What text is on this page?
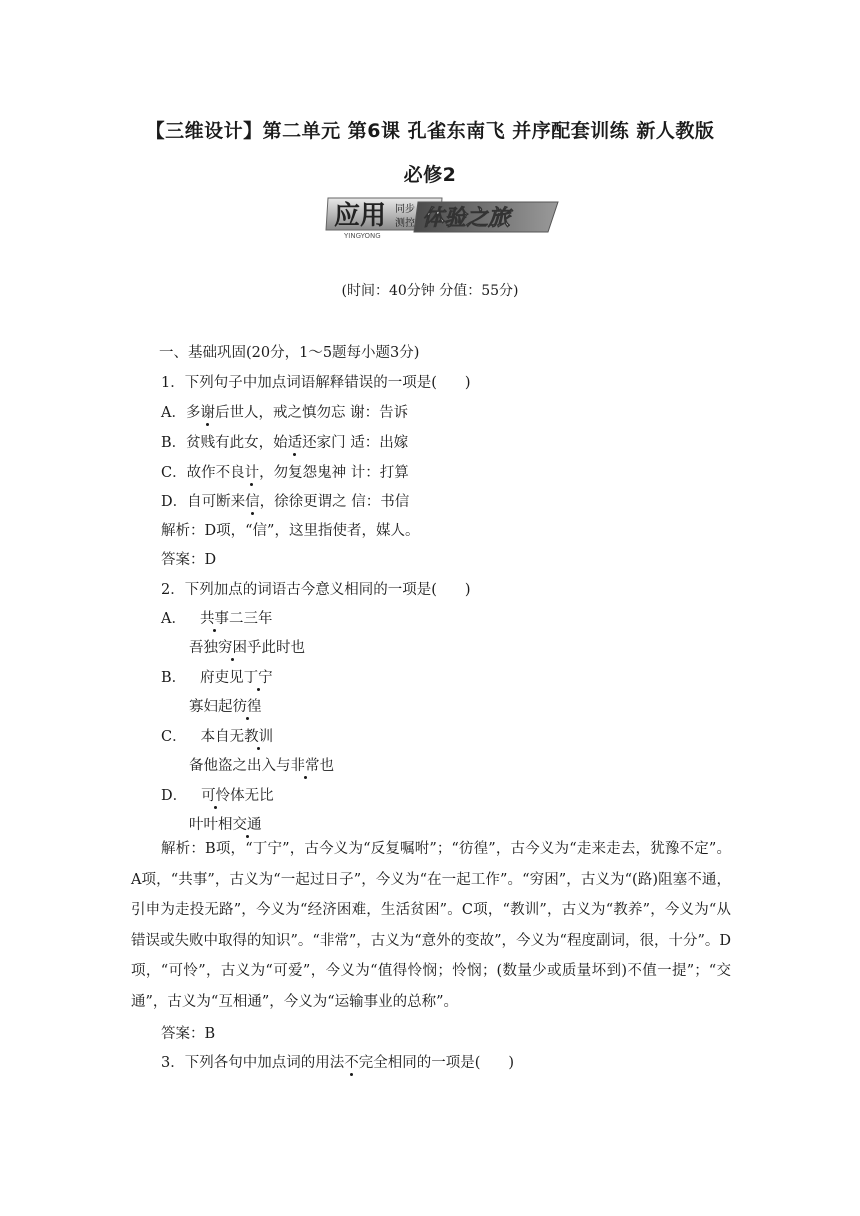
【三维设计】第二单元 第6课 孔雀东南飞 并序配套训练 新人教版
必修2
应用 同步
测控 体验之旅
YINGYONG
(时间：40分钟 分值：55分)
一、基础巩固(20分，1～5题每小题3分)
1．下列句子中加点词语解释错误的一项是( )
A．多谢后世人，戒之慎勿忘 谢：告诉
B．贫贱有此女，始适还家门 适：出嫁
C．故作不良计，勿复怨鬼神 计：打算
D．自可断来信，徐徐更谓之 信：书信
解析：D项，“信”，这里指使者，媒人。
答案：D
2．下列加点的词语古今意义相同的一项是( )
A． 共事二三年
吾独穷困乎此时也
B． 府吏见丁宁
寡妇起彷徨
C． 本自无教训
备他盗之出入与非常也
D． 可怜体无比
叶叶相交通

解析：B项，“丁宁”，古今义为“反复嘱咐”；“彷徨”，古今义为“走来走去，犹豫不定”。A项，“共事”，古义为“一起过日子”，今义为“在一起工作”。“穷困”，古义为“(路)阻塞不通，引申为走投无路”，今义为“经济困难，生活贫困”。C项，“教训”，古义为“教养”，今义为“从错误或失败中取得的知识”。“非常”，古义为“意外的变故”，今义为“程度副词，很，十分”。D项，“可怜”，古义为“可爱”，今义为“值得怜悯；怜悯；(数量少或质量坏到)不值一提”；“交通”，古义为“互相通”，今义为“运输事业的总称”。

答案：B
3．下列各句中加点词的用法不完全相同的一项是( )
